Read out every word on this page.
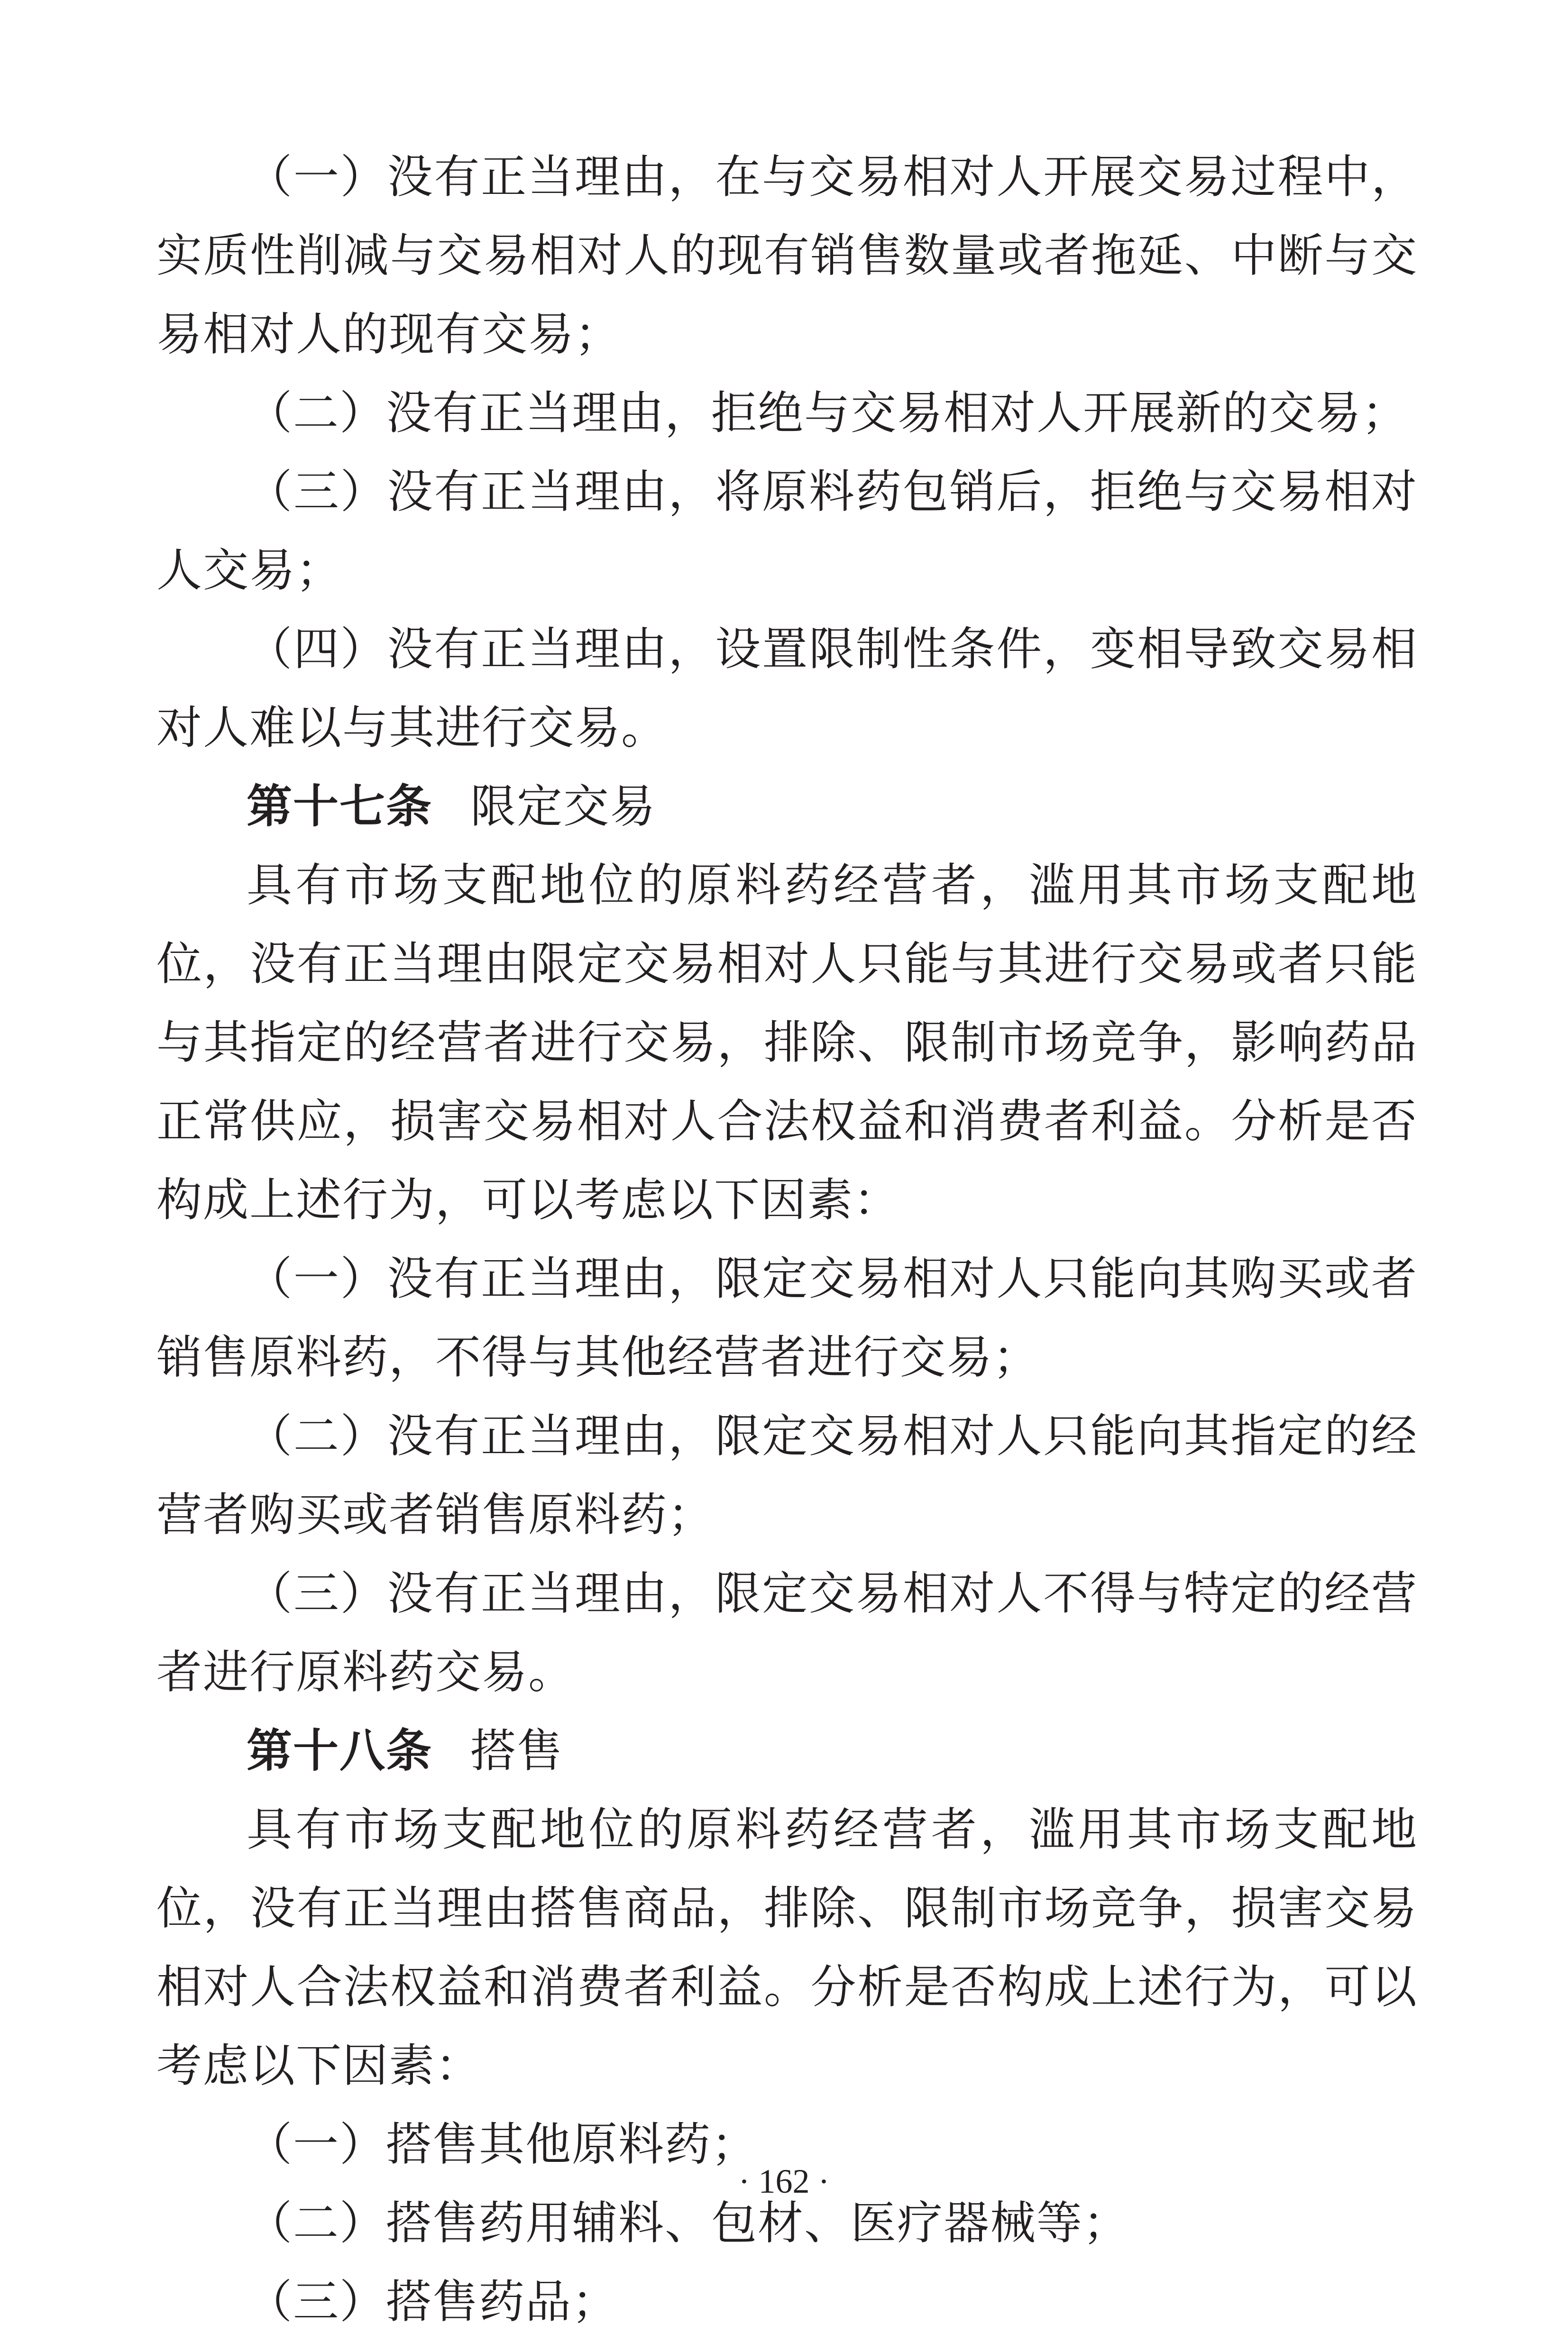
（一）没有正当理由，在与交易相对人开展交易过程中，实质性削减与交易相对人的现有销售数量或者拖延、中断与交易相对人的现有交易；

（二）没有正当理由，拒绝与交易相对人开展新的交易；

（三）没有正当理由，将原料药包销后，拒绝与交易相对人交易；

（四）没有正当理由，设置限制性条件，变相导致交易相对人难以与其进行交易。

第十七条 限定交易

具有市场支配地位的原料药经营者，滥用其市场支配地位，没有正当理由限定交易相对人只能与其进行交易或者只能与其指定的经营者进行交易，排除、限制市场竞争，影响药品正常供应，损害交易相对人合法权益和消费者利益。分析是否构成上述行为，可以考虑以下因素：

（一）没有正当理由，限定交易相对人只能向其购买或者销售原料药，不得与其他经营者进行交易；

（二）没有正当理由，限定交易相对人只能向其指定的经营者购买或者销售原料药；

（三）没有正当理由，限定交易相对人不得与特定的经营者进行原料药交易。

第十八条 搭售

具有市场支配地位的原料药经营者，滥用其市场支配地位，没有正当理由搭售商品，排除、限制市场竞争，损害交易相对人合法权益和消费者利益。分析是否构成上述行为，可以考虑以下因素：

（一）搭售其他原料药；

（二）搭售药用辅料、包材、医疗器械等；

（三）搭售药品；

· 162 ·
